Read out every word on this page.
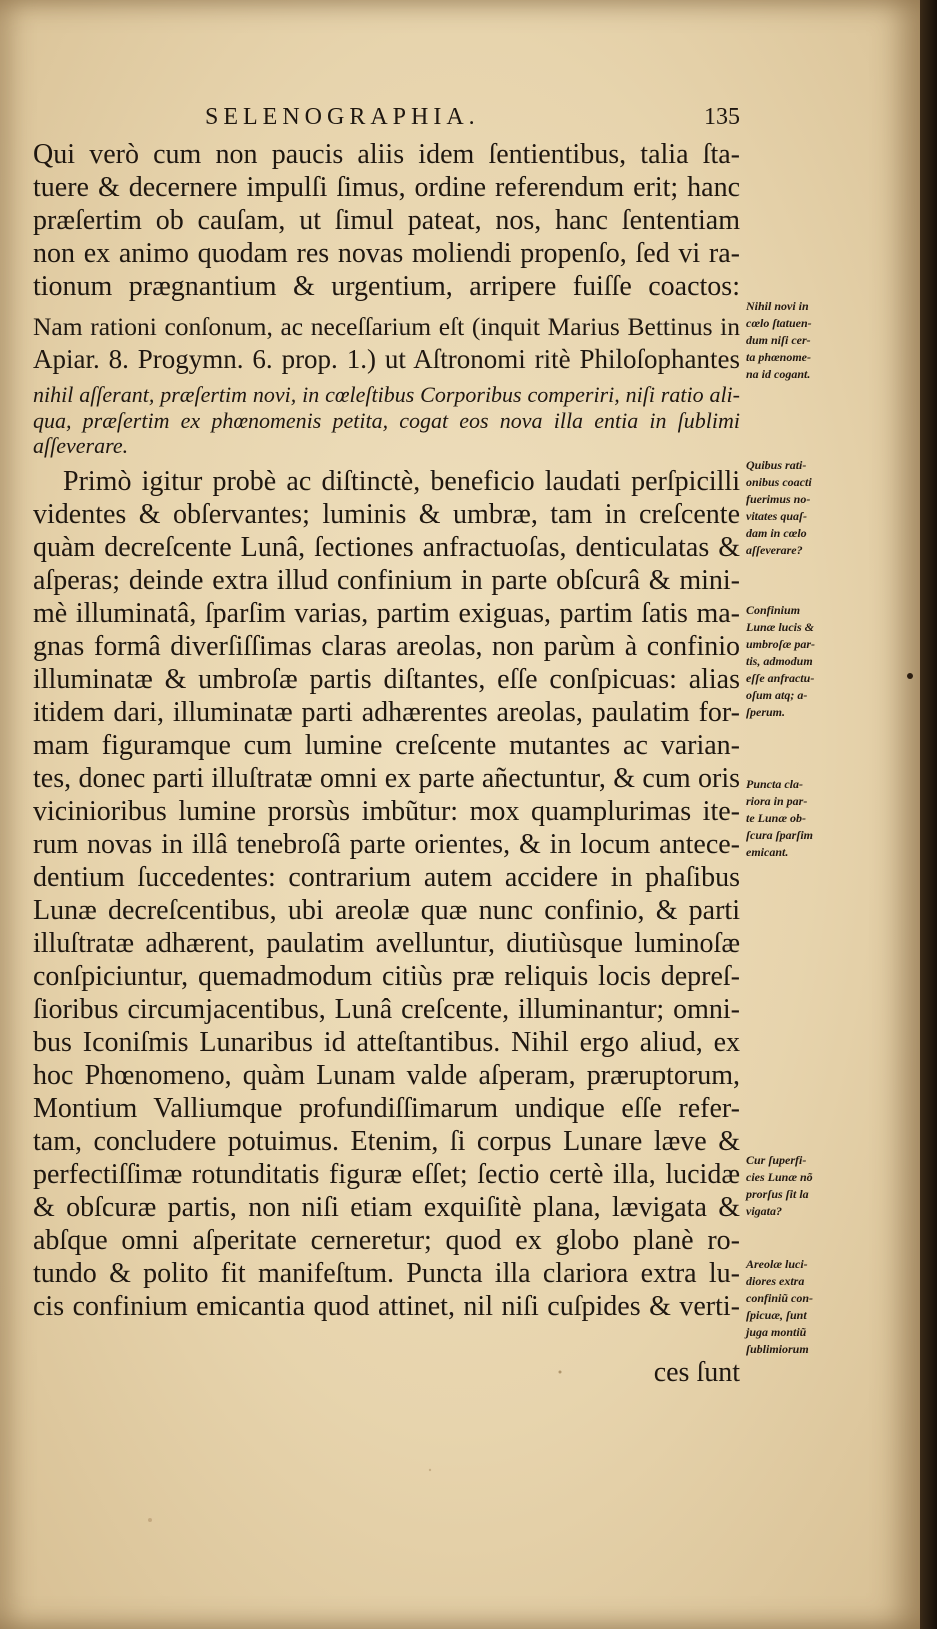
SELENOGRAPHIA.	135
Qui verò cum non paucis aliis idem ſentientibus, talia ſta-
tuere & decernere impulſi ſimus, ordine referendum erit; hanc
præſertim ob cauſam, ut ſimul pateat, nos, hanc ſententiam
non ex animo quodam res novas moliendi propenſo, ſed vi ra-
tionum prægnantium & urgentium, arripere fuiſſe coactos:
Nam rationi conſonum, ac neceſſarium eſt (inquit Marius Bettinus in
Apiar. 8. Progymn. 6. prop. 1.) ut Aſtronomi ritè Philoſophantes
nihil aſſerant, præſertim novi, in cœleſtibus Corporibus comperiri, niſi ratio ali-
qua, præſertim ex phœnomenis petita, cogat eos nova illa entia in ſublimi
aſſeverare.
Primò igitur probè ac diſtinctè, beneficio laudati perſpicilli
videntes & obſervantes; luminis & umbræ, tam in creſcente
quàm decreſcente Lunâ, ſectiones anfractuoſas, denticulatas &
aſperas; deinde extra illud confinium in parte obſcurâ & mini-
mè illuminatâ, ſparſim varias, partim exiguas, partim ſatis ma-
gnas formâ diverſiſſimas claras areolas, non parùm à confinio
illuminatæ & umbroſæ partis diſtantes, eſſe conſpicuas: alias
itidem dari, illuminatæ parti adhærentes areolas, paulatim for-
mam figuramque cum lumine creſcente mutantes ac varian-
tes, donec parti illuſtratæ omni ex parte añectuntur, & cum oris
vicinioribus lumine prorsùs imbũtur: mox quamplurimas ite-
rum novas in illâ tenebroſâ parte orientes, & in locum antece-
dentium ſuccedentes: contrarium autem accidere in phaſibus
Lunæ decreſcentibus, ubi areolæ quæ nunc confinio, & parti
illuſtratæ adhærent, paulatim avelluntur, diutiùsque luminoſæ
conſpiciuntur, quemadmodum citiùs præ reliquis locis depreſ-
ſioribus circumjacentibus, Lunâ creſcente, illuminantur; omni-
bus Iconiſmis Lunaribus id atteſtantibus. Nihil ergo aliud, ex
hoc Phœnomeno, quàm Lunam valde aſperam, præruptorum,
Montium Valliumque profundiſſimarum undique eſſe refer-
tam, concludere potuimus. Etenim, ſi corpus Lunare læve &
perfectiſſimæ rotunditatis figuræ eſſet; ſectio certè illa, lucidæ
& obſcuræ partis, non niſi etiam exquiſitè plana, lævigata &
abſque omni aſperitate cerneretur; quod ex globo planè ro-
tundo & polito fit manifeſtum. Puncta illa clariora extra lu-
cis confinium emicantia quod attinet, nil niſi cuſpides & verti-
ces ſunt
Nihil novi in
cœlo ſtatuen-
dum niſi cer-
ta phœnome-
na id cogant.
Quibus rati-
onibus coacti
fuerimus no-
vitates quaſ-
dam in cœlo
aſſeverare?
Confinium
Lunæ lucis &
umbroſæ par-
tis, admodum
eſſe anfractu-
oſum atq; a-
ſperum.
Puncta cla-
riora in par-
te Lunæ ob-
ſcura ſparſim
emicant.
Cur ſuperfi-
cies Lunæ nõ
prorſus ſit la
vigata?
Areolæ luci-
diores extra
confiniũ con-
ſpicuæ, ſunt
juga montiũ
ſublimiorum
